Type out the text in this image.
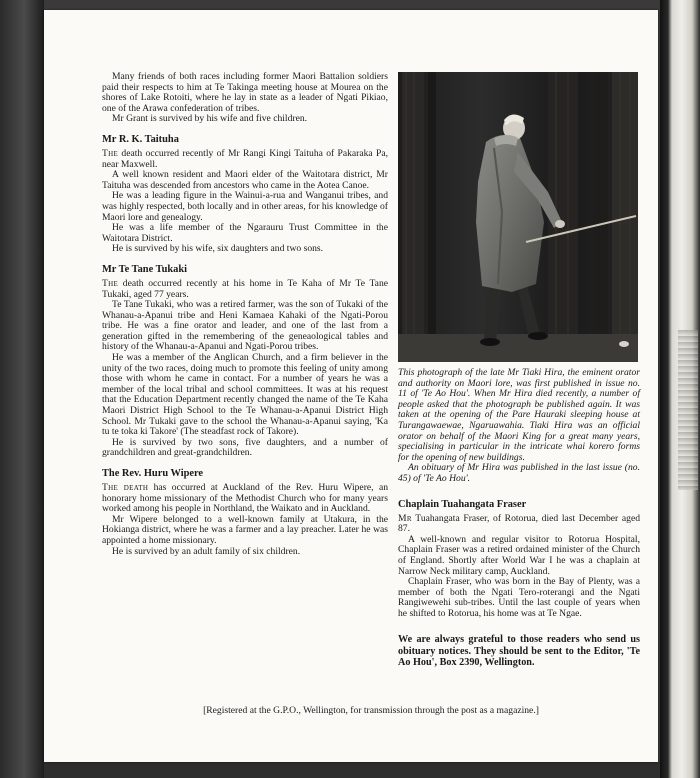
Many friends of both races including former Maori Battalion soldiers paid their respects to him at Te Takinga meeting house at Mourea on the shores of Lake Rotoiti, where he lay in state as a leader of Ngati Pikiao, one of the Arawa confederation of tribes.

Mr Grant is survived by his wife and five children.

Mr R. K. Taituha

The death occurred recently of Mr Rangi Kingi Taituha of Pakaraka Pa, near Maxwell.

A well known resident and Maori elder of the Waitotara district, Mr Taituha was descended from ancestors who came in the Aotea Canoe.

He was a leading figure in the Wainui-a-rua and Wanganui tribes, and was highly respected, both locally and in other areas, for his knowledge of Maori lore and genealogy.

He was a life member of the Ngarauru Trust Committee in the Waitotara District.

He is survived by his wife, six daughters and two sons.

Mr Te Tane Tukaki

The death occurred recently at his home in Te Kaha of Mr Te Tane Tukaki, aged 77 years.

Te Tane Tukaki, who was a retired farmer, was the son of Tukaki of the Whanau-a-Apanui tribe and Heni Kamaea Kahaki of the Ngati-Porou tribe. He was a fine orator and leader, and one of the last from a generation gifted in the remembering of the geneaological tables and history of the Whanau-a-Apanui and Ngati-Porou tribes.

He was a member of the Anglican Church, and a firm believer in the unity of the two races, doing much to promote this feeling of unity among those with whom he came in contact. For a number of years he was a member of the local tribal and school committees. It was at his request that the Education Department recently changed the name of the Te Kaha Maori District High School to the Te Whanau-a-Apanui District High School. Mr Tukaki gave to the school the Whanau-a-Apanui saying, 'Ka tu te toka ki Takore' (The steadfast rock of Takore).

He is survived by two sons, five daughters, and a number of grandchildren and great-grandchildren.

The Rev. Huru Wipere

The death has occurred at Auckland of the Rev. Huru Wipere, an honorary home missionary of the Methodist Church who for many years worked among his people in Northland, the Waikato and in Auckland.

Mr Wipere belonged to a well-known family at Utakura, in the Hokianga district, where he was a farmer and a lay preacher. Later he was appointed a home missionary.

He is survived by an adult family of six children.

This photograph of the late Mr Tiaki Hira, the eminent orator and authority on Maori lore, was first published in issue no. 11 of 'Te Ao Hou'. When Mr Hira died recently, a number of people asked that the photograph be published again. It was taken at the opening of the Pare Hauraki sleeping house at Turangawaewae, Ngaruawahia. Tiaki Hira was an official orator on behalf of the Maori King for a great many years, specialising in particular in the intricate whai korero forms for the opening of new buildings.

An obituary of Mr Hira was published in the last issue (no. 45) of 'Te Ao Hou'.

Chaplain Tuahangata Fraser

Mr Tuahangata Fraser, of Rotorua, died last December aged 87.

A well-known and regular visitor to Rotorua Hospital, Chaplain Fraser was a retired ordained minister of the Church of England. Shortly after World War I he was a chaplain at Narrow Neck military camp, Auckland.

Chaplain Fraser, who was born in the Bay of Plenty, was a member of both the Ngati Tero-roterangi and the Ngati Rangiwewehi sub-tribes. Until the last couple of years when he shifted to Rotorua, his home was at Te Ngae.

We are always grateful to those readers who send us obituary notices. They should be sent to the Editor, 'Te Ao Hou', Box 2390, Wellington.
[Registered at the G.P.O., Wellington, for transmission through the post as a magazine.]
